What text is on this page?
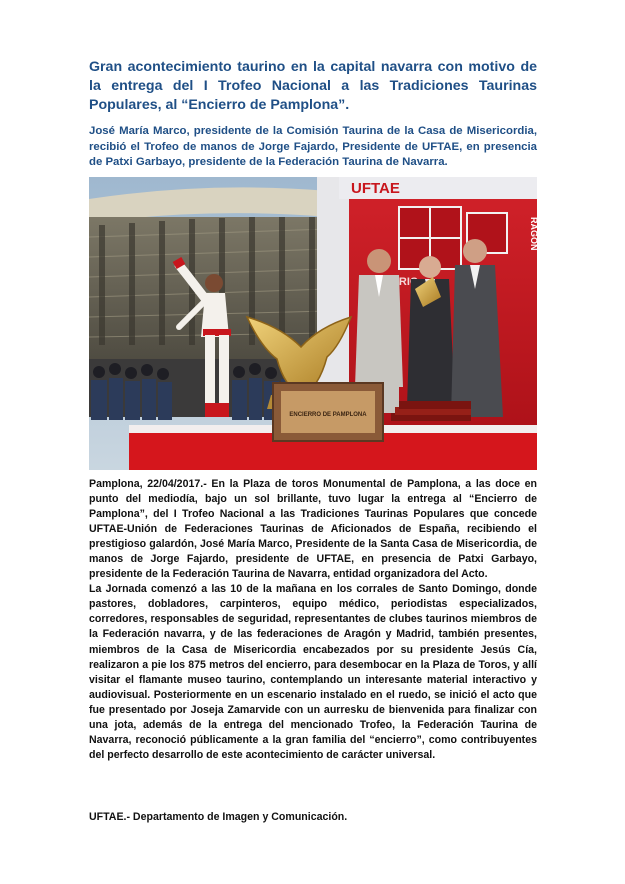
Gran acontecimiento taurino en la capital navarra con motivo de la entrega del I Trofeo Nacional a las Tradiciones Taurinas Populares, al “Encierro de Pamplona”.

José María Marco, presidente de la Comisión Taurina de la Casa de Misericordia, recibió el Trofeo de manos de Jorge Fajardo, Presidente de UFTAE, en presencia de Patxi Garbayo, presidente de la Federación Taurina de Navarra.

UFTAE
RAGÓN
ENCIERRO DE PAMPLONA

Pamplona, 22/04/2017.- En la Plaza de toros Monumental de Pamplona, a las doce en punto del mediodía, bajo un sol brillante, tuvo lugar la entrega al “Encierro de Pamplona”, del I Trofeo Nacional a las Tradiciones Taurinas Populares que concede UFTAE-Unión de Federaciones Taurinas de Aficionados de España, recibiendo el prestigioso galardón, José María Marco, Presidente de la Santa Casa de Misericordia, de manos de Jorge Fajardo, presidente de UFTAE, en presencia de Patxi Garbayo, presidente de la Federación Taurina de Navarra, entidad organizadora del Acto.

La Jornada comenzó a las 10 de la mañana en los corrales de Santo Domingo, donde pastores, dobladores, carpinteros, equipo médico, periodistas especializados, corredores, responsables de seguridad, representantes de clubes taurinos miembros de la Federación navarra, y de las federaciones de Aragón y Madrid, también presentes, miembros de la Casa de Misericordia encabezados por su presidente Jesús Cía, realizaron a pie los 875 metros del encierro, para desembocar en la Plaza de Toros, y allí visitar el flamante museo taurino, contemplando un interesante material interactivo y audiovisual. Posteriormente en un escenario instalado en el ruedo, se inició el acto que fue presentado por Joseja Zamarvide con un aurresku de bienvenida para finalizar con una jota, además de la entrega del mencionado Trofeo, la Federación Taurina de Navarra, reconoció públicamente a la gran familia del “encierro”, como contribuyentes del perfecto desarrollo de este acontecimiento de carácter universal.

UFTAE.- Departamento de Imagen y Comunicación.
